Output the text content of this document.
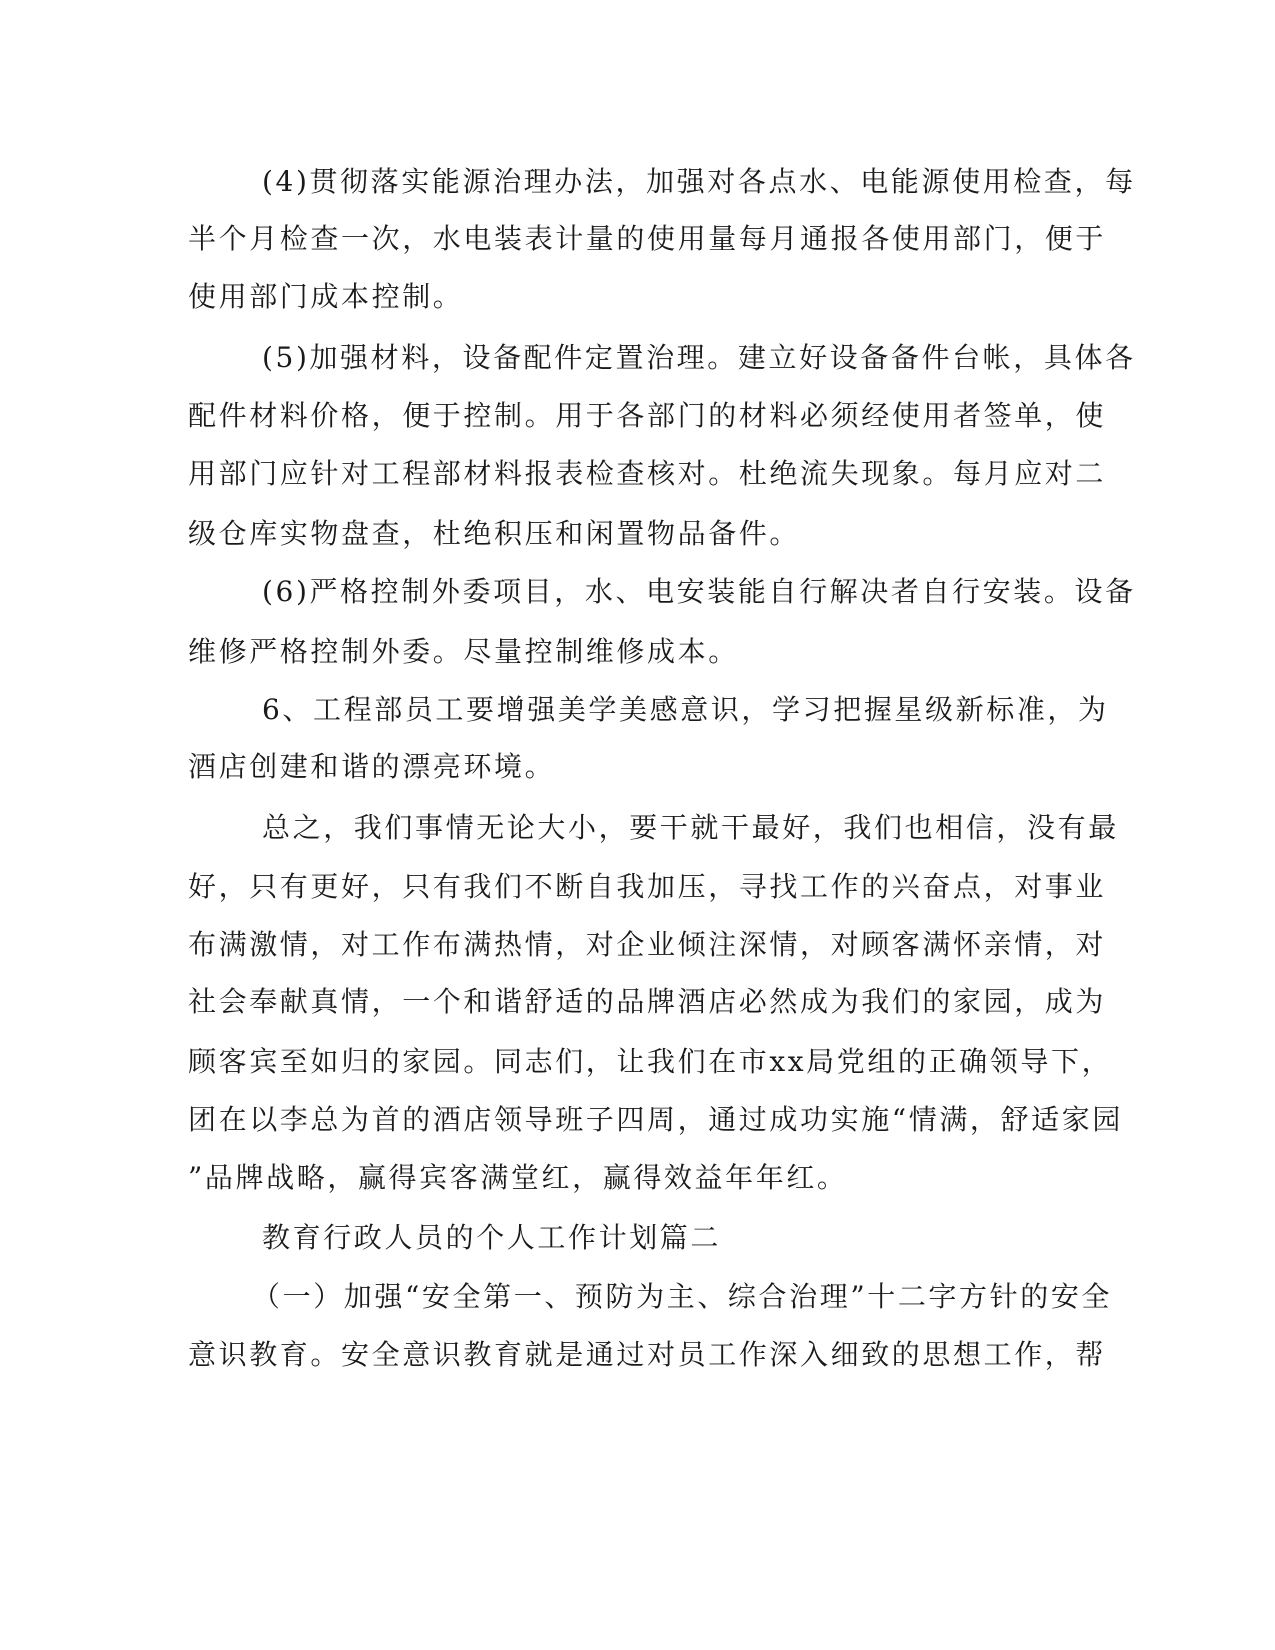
(4)贯彻落实能源治理办法，加强对各点水、电能源使用检查，每
半个月检查一次，水电装表计量的使用量每月通报各使用部门，便于
使用部门成本控制。
(5)加强材料，设备配件定置治理。建立好设备备件台帐，具体各
配件材料价格，便于控制。用于各部门的材料必须经使用者签单，使
用部门应针对工程部材料报表检查核对。杜绝流失现象。每月应对二
级仓库实物盘查，杜绝积压和闲置物品备件。
(6)严格控制外委项目，水、电安装能自行解决者自行安装。设备
维修严格控制外委。尽量控制维修成本。
6、工程部员工要增强美学美感意识，学习把握星级新标准，为
酒店创建和谐的漂亮环境。
总之，我们事情无论大小，要干就干最好，我们也相信，没有最
好，只有更好，只有我们不断自我加压，寻找工作的兴奋点，对事业
布满激情，对工作布满热情，对企业倾注深情，对顾客满怀亲情，对
社会奉献真情，一个和谐舒适的品牌酒店必然成为我们的家园，成为
顾客宾至如归的家园。同志们，让我们在市xx局党组的正确领导下，
团在以李总为首的酒店领导班子四周，通过成功实施“情满，舒适家园
”品牌战略，赢得宾客满堂红，赢得效益年年红。
教育行政人员的个人工作计划篇二
（一）加强“安全第一、预防为主、综合治理”十二字方针的安全
意识教育。安全意识教育就是通过对员工作深入细致的思想工作，帮
